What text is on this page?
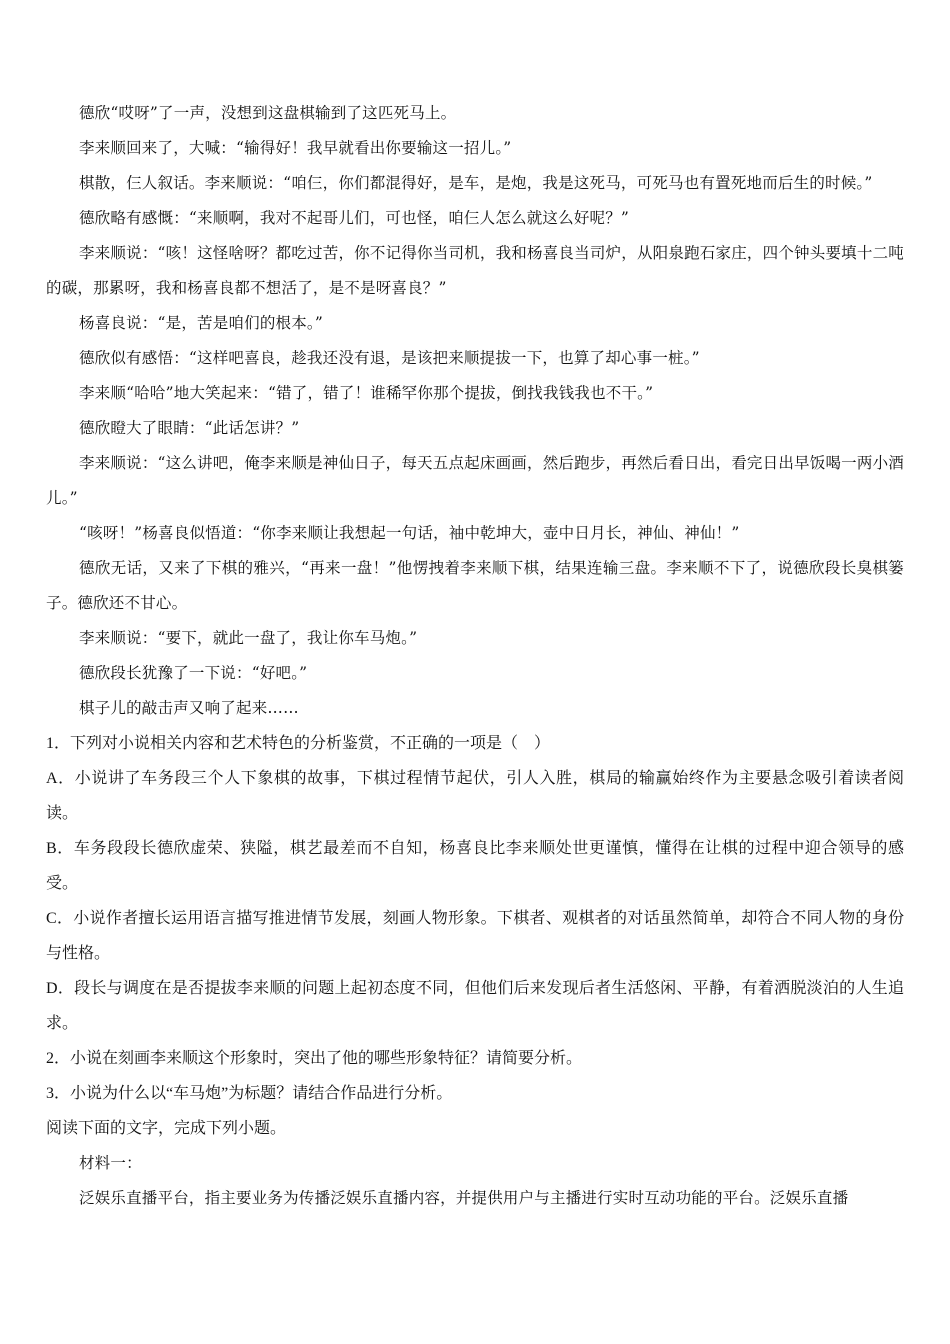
德欣“哎呀”了一声，没想到这盘棋输到了这匹死马上。

李来顺回来了，大喊：“输得好！我早就看出你要输这一招儿。”

棋散，仨人叙话。李来顺说：“咱仨，你们都混得好，是车，是炮，我是这死马，可死马也有置死地而后生的时候。”

德欣略有感慨：“来顺啊，我对不起哥儿们，可也怪，咱仨人怎么就这么好呢？”

李来顺说：“咳！这怪啥呀？都吃过苦，你不记得你当司机，我和杨喜良当司炉，从阳泉跑石家庄，四个钟头要填十二吨的碳，那累呀，我和杨喜良都不想活了，是不是呀喜良？”

杨喜良说：“是，苦是咱们的根本。”

德欣似有感悟：“这样吧喜良，趁我还没有退，是该把来顺提拔一下，也算了却心事一桩。”

李来顺“哈哈”地大笑起来：“错了，错了！谁稀罕你那个提拔，倒找我钱我也不干。”

德欣瞪大了眼睛：“此话怎讲？”

李来顺说：“这么讲吧，俺李来顺是神仙日子，每天五点起床画画，然后跑步，再然后看日出，看完日出早饭喝一两小酒儿。”

“咳呀！”杨喜良似悟道：“你李来顺让我想起一句话，袖中乾坤大，壶中日月长，神仙、神仙！”

德欣无话，又来了下棋的雅兴，“再来一盘！”他愣拽着李来顺下棋，结果连输三盘。李来顺不下了，说德欣段长臭棋篓子。德欣还不甘心。

李来顺说：“要下，就此一盘了，我让你车马炮。”

德欣段长犹豫了一下说：“好吧。”

棋子儿的敲击声又响了起来……

1．下列对小说相关内容和艺术特色的分析鉴赏，不正确的一项是（　）

A．小说讲了车务段三个人下象棋的故事，下棋过程情节起伏，引人入胜，棋局的输赢始终作为主要悬念吸引着读者阅读。

B．车务段段长德欣虚荣、狭隘，棋艺最差而不自知，杨喜良比李来顺处世更谨慎，懂得在让棋的过程中迎合领导的感受。

C．小说作者擅长运用语言描写推进情节发展，刻画人物形象。下棋者、观棋者的对话虽然简单，却符合不同人物的身份与性格。

D．段长与调度在是否提拔李来顺的问题上起初态度不同，但他们后来发现后者生活悠闲、平静，有着洒脱淡泊的人生追求。

2．小说在刻画李来顺这个形象时，突出了他的哪些形象特征？请简要分析。

3．小说为什么以“车马炮”为标题？请结合作品进行分析。

阅读下面的文字，完成下列小题。

材料一：

泛娱乐直播平台，指主要业务为传播泛娱乐直播内容，并提供用户与主播进行实时互动功能的平台。泛娱乐直播
